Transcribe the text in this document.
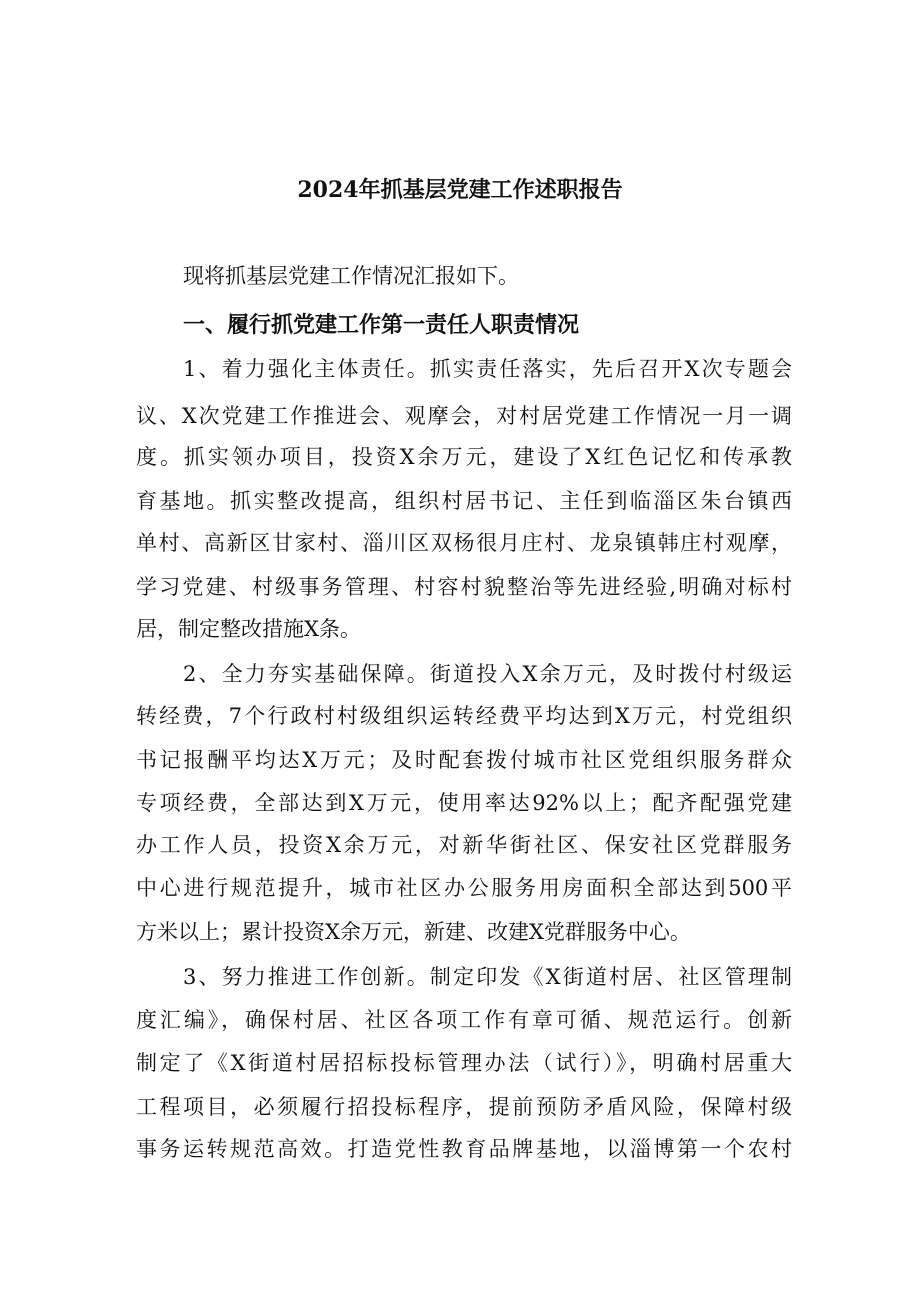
2024年抓基层党建工作述职报告
现将抓基层党建工作情况汇报如下。
一、履行抓党建工作第一责任人职责情况
1、着力强化主体责任。抓实责任落实，先后召开X次专题会
议、X次党建工作推进会、观摩会，对村居党建工作情况一月一调
度。抓实领办项目，投资X余万元，建设了X红色记忆和传承教
育基地。抓实整改提高，组织村居书记、主任到临淄区朱台镇西
单村、高新区甘家村、淄川区双杨很月庄村、龙泉镇韩庄村观摩，
学习党建、村级事务管理、村容村貌整治等先进经验,明确对标村
居，制定整改措施X条。
2、全力夯实基础保障。街道投入X余万元，及时拨付村级运
转经费，7个行政村村级组织运转经费平均达到X万元，村党组织
书记报酬平均达X万元；及时配套拨付城市社区党组织服务群众
专项经费，全部达到X万元，使用率达92%以上；配齐配强党建
办工作人员，投资X余万元，对新华街社区、保安社区党群服务
中心进行规范提升，城市社区办公服务用房面积全部达到500平
方米以上；累计投资X余万元，新建、改建X党群服务中心。
3、努力推进工作创新。制定印发《X街道村居、社区管理制
度汇编》，确保村居、社区各项工作有章可循、规范运行。创新
制定了《X街道村居招标投标管理办法（试行）》，明确村居重大
工程项目，必须履行招投标程序，提前预防矛盾风险，保障村级
事务运转规范高效。打造党性教育品牌基地，以淄博第一个农村
